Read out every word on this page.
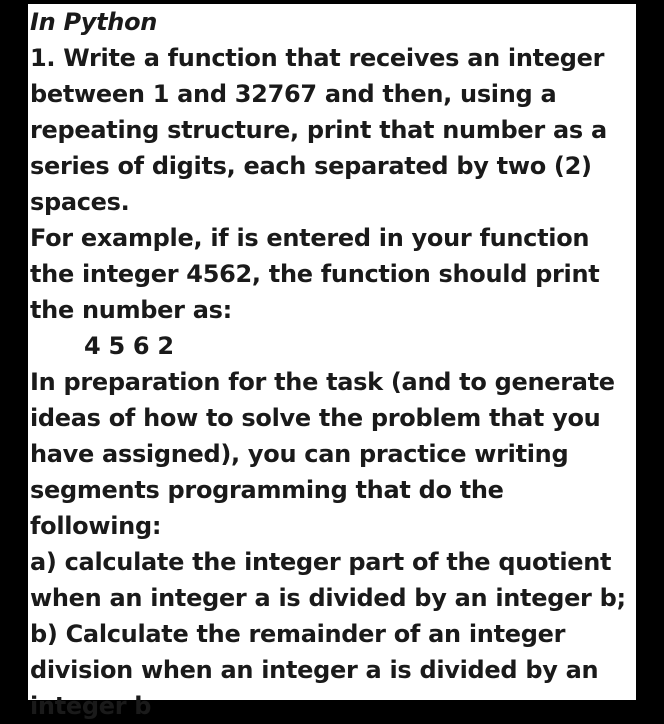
In Python
1. Write a function that receives an integer
between 1 and 32767 and then, using a
repeating structure, print that number as a
series of digits, each separated by two (2)
spaces.
For example, if is entered in your function
the integer 4562, the function should print
the number as:
4 5 6 2
In preparation for the task (and to generate
ideas of how to solve the problem that you
have assigned), you can practice writing
segments programming that do the
following:
a) calculate the integer part of the quotient
when an integer a is divided by an integer b;
b) Calculate the remainder of an integer
division when an integer a is divided by an
integer b
